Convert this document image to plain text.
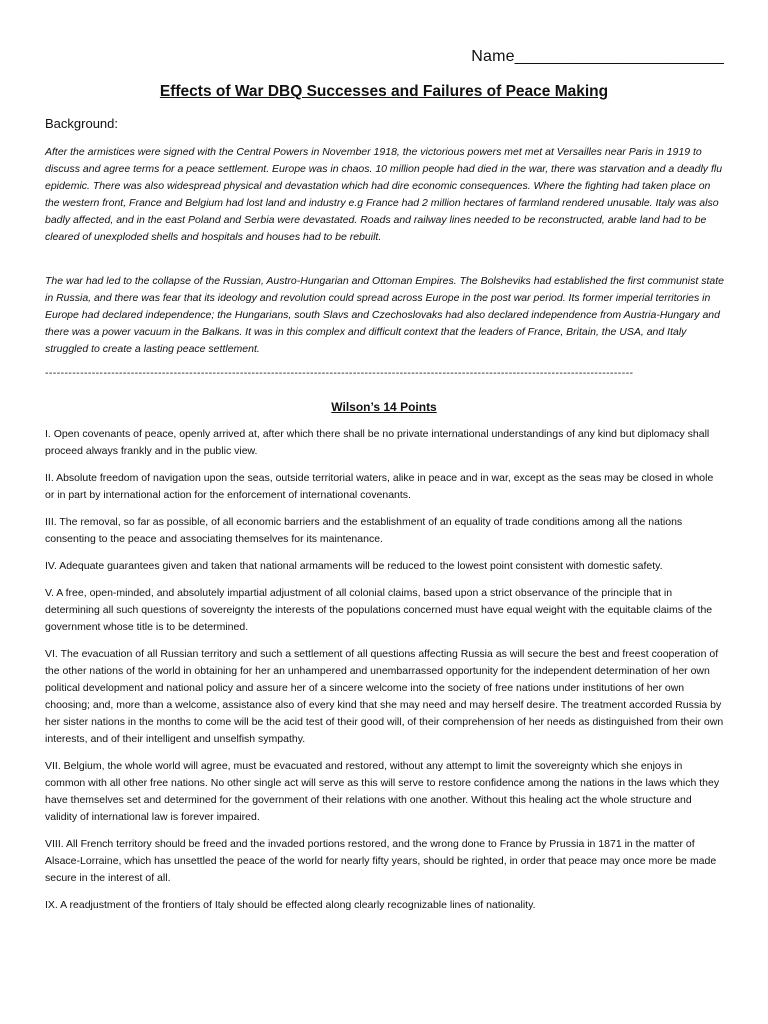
Name_______________________
Effects of War DBQ Successes and Failures of Peace Making
Background:
After the armistices were signed with the Central Powers in November 1918, the victorious powers met met at Versailles near Paris in 1919 to discuss and agree terms for a peace settlement. Europe was in chaos. 10 million people had died in the war, there was starvation and a deadly flu epidemic. There was also widespread physical and devastation which had dire economic consequences. Where the fighting had taken place on the western front, France and Belgium had lost land and industry e.g France had 2 million hectares of farmland rendered unusable. Italy was also badly affected, and in the east Poland and Serbia were devastated. Roads and railway lines needed to be reconstructed, arable land had to be cleared of unexploded shells and hospitals and houses had to be rebuilt.
The war had led to the collapse of the Russian, Austro-Hungarian and Ottoman Empires. The Bolsheviks had established the first communist state in Russia, and there was fear that its ideology and revolution could spread across Europe in the post war period. Its former imperial territories in Europe had declared independence; the Hungarians, south Slavs and Czechoslovaks had also declared independence from Austria-Hungary and there was a power vacuum in the Balkans. It was in this complex and difficult context that the leaders of France, Britain, the USA, and Italy struggled to create a lasting peace settlement.
-------------------------------------------------------------------------------------------------------------------------------------------------------
Wilson’s 14 Points

I. Open covenants of peace, openly arrived at, after which there shall be no private international understandings of any kind but diplomacy shall proceed always frankly and in the public view.

II. Absolute freedom of navigation upon the seas, outside territorial waters, alike in peace and in war, except as the seas may be closed in whole or in part by international action for the enforcement of international covenants.

III. The removal, so far as possible, of all economic barriers and the establishment of an equality of trade conditions among all the nations consenting to the peace and associating themselves for its maintenance.

IV. Adequate guarantees given and taken that national armaments will be reduced to the lowest point consistent with domestic safety.

V. A free, open-minded, and absolutely impartial adjustment of all colonial claims, based upon a strict observance of the principle that in determining all such questions of sovereignty the interests of the populations concerned must have equal weight with the equitable claims of the government whose title is to be determined.

VI. The evacuation of all Russian territory and such a settlement of all questions affecting Russia as will secure the best and freest cooperation of the other nations of the world in obtaining for her an unhampered and unembarrassed opportunity for the independent determination of her own political development and national policy and assure her of a sincere welcome into the society of free nations under institutions of her own choosing; and, more than a welcome, assistance also of every kind that she may need and may herself desire. The treatment accorded Russia by her sister nations in the months to come will be the acid test of their good will, of their comprehension of her needs as distinguished from their own interests, and of their intelligent and unselfish sympathy.

VII. Belgium, the whole world will agree, must be evacuated and restored, without any attempt to limit the sovereignty which she enjoys in common with all other free nations. No other single act will serve as this will serve to restore confidence among the nations in the laws which they have themselves set and determined for the government of their relations with one another. Without this healing act the whole structure and validity of international law is forever impaired.

VIII. All French territory should be freed and the invaded portions restored, and the wrong done to France by Prussia in 1871 in the matter of Alsace-Lorraine, which has unsettled the peace of the world for nearly fifty years, should be righted, in order that peace may once more be made secure in the interest of all.

IX. A readjustment of the frontiers of Italy should be effected along clearly recognizable lines of nationality.
